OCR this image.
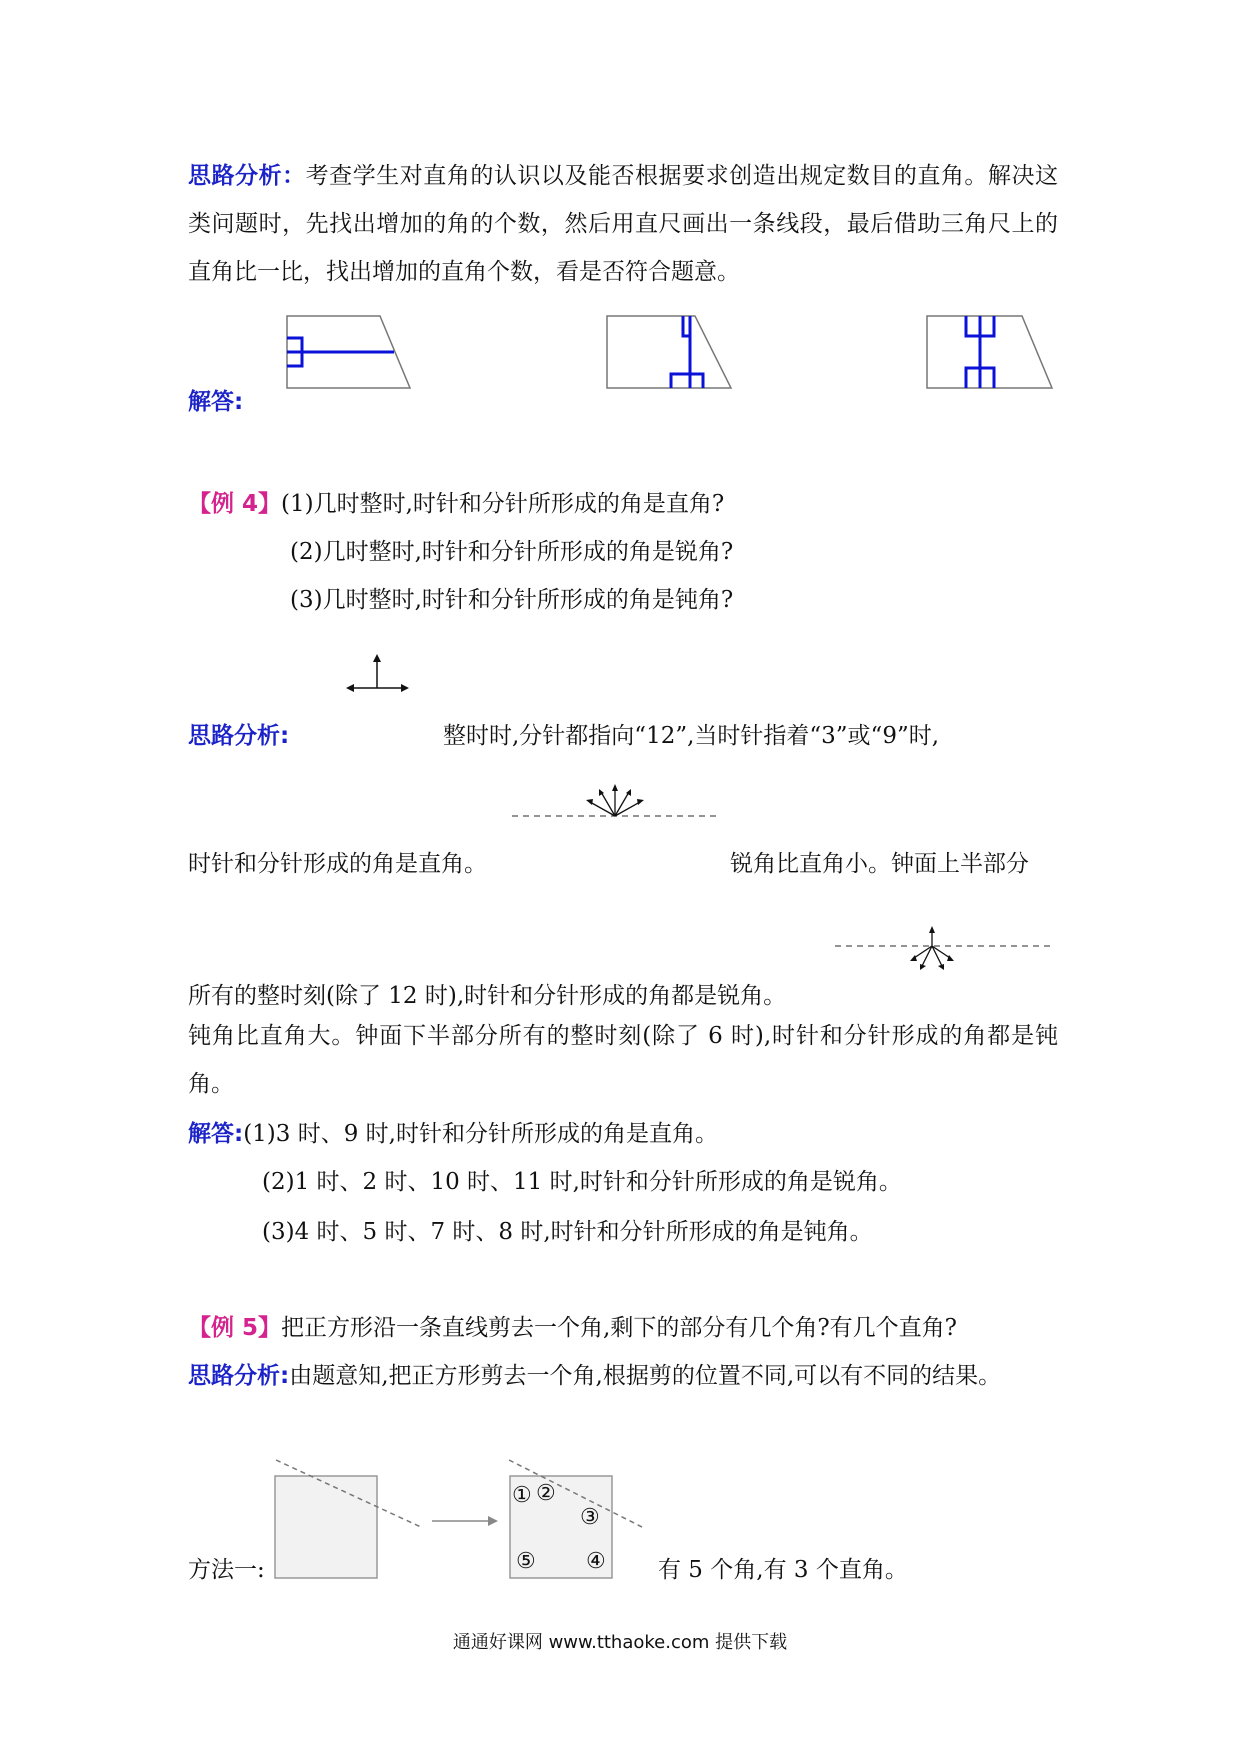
思路分析：考查学生对直角的认识以及能否根据要求创造出规定数目的直角。解决这类问题时，先找出增加的角的个数，然后用直尺画出一条线段，最后借助三角尺上的直角比一比，找出增加的直角个数，看是否符合题意。
解答:
【例 4】(1)几时整时,时针和分针所形成的角是直角?
(2)几时整时,时针和分针所形成的角是锐角?
(3)几时整时,时针和分针所形成的角是钝角?
思路分析:	整时时,分针都指向“12”,当时针指着“3”或“9”时,
时针和分针形成的角是直角。	锐角比直角小。钟面上半部分
所有的整时刻(除了 12 时),时针和分针形成的角都是锐角。
钝角比直角大。钟面下半部分所有的整时刻(除了 6 时),时针和分针形成的角都是钝角。
解答:(1)3 时、9 时,时针和分针所形成的角是直角。
(2)1 时、2 时、10 时、11 时,时针和分针所形成的角是锐角。
(3)4 时、5 时、7 时、8 时,时针和分针所形成的角是钝角。
【例 5】把正方形沿一条直线剪去一个角,剩下的部分有几个角?有几个直角?
思路分析:由题意知,把正方形剪去一个角,根据剪的位置不同,可以有不同的结果。
① ②
③
④
⑤
方法一:	有 5 个角,有 3 个直角。
通通好课网 www.tthaoke.com 提供下载
